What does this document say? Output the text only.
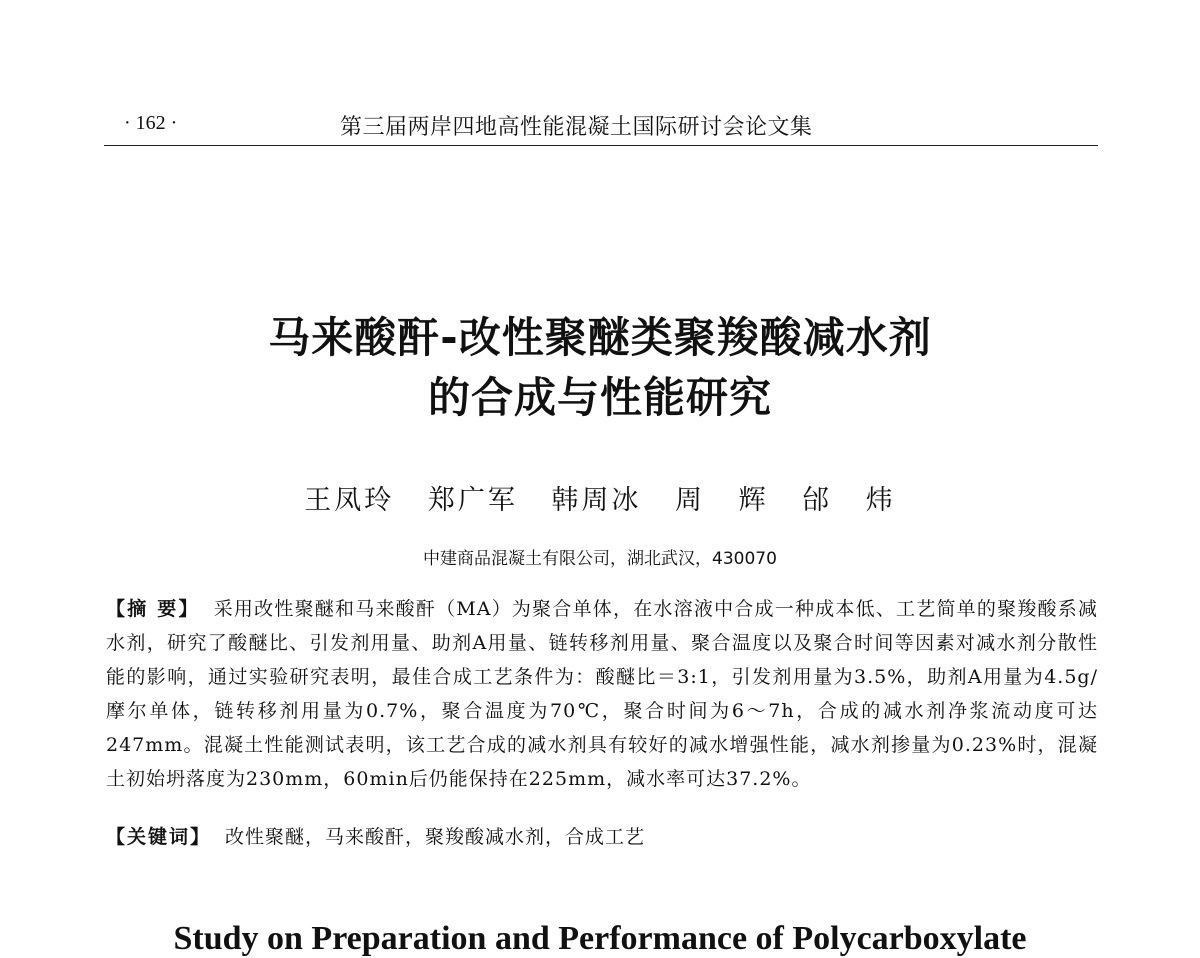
· 162 ·	第三届两岸四地高性能混凝土国际研讨会论文集
马来酸酐-改性聚醚类聚羧酸减水剂
的合成与性能研究
王凤玲 郑广军 韩周冰 周 辉 邰 炜
中建商品混凝土有限公司，湖北武汉，430070
【摘 要】 采用改性聚醚和马来酸酐（MA）为聚合单体，在水溶液中合成一种成本低、工艺简单的聚羧酸系减水剂，研究了酸醚比、引发剂用量、助剂A用量、链转移剂用量、聚合温度以及聚合时间等因素对减水剂分散性能的影响，通过实验研究表明，最佳合成工艺条件为：酸醚比＝3:1，引发剂用量为3.5%，助剂A用量为4.5g/摩尔单体，链转移剂用量为0.7%，聚合温度为70℃，聚合时间为6～7h，合成的减水剂净浆流动度可达247mm。混凝土性能测试表明，该工艺合成的减水剂具有较好的减水增强性能，减水剂掺量为0.23%时，混凝土初始坍落度为230mm，60min后仍能保持在225mm，减水率可达37.2%。
【关键词】 改性聚醚，马来酸酐，聚羧酸减水剂，合成工艺
Study on Preparation and Performance of Polycarboxylate
